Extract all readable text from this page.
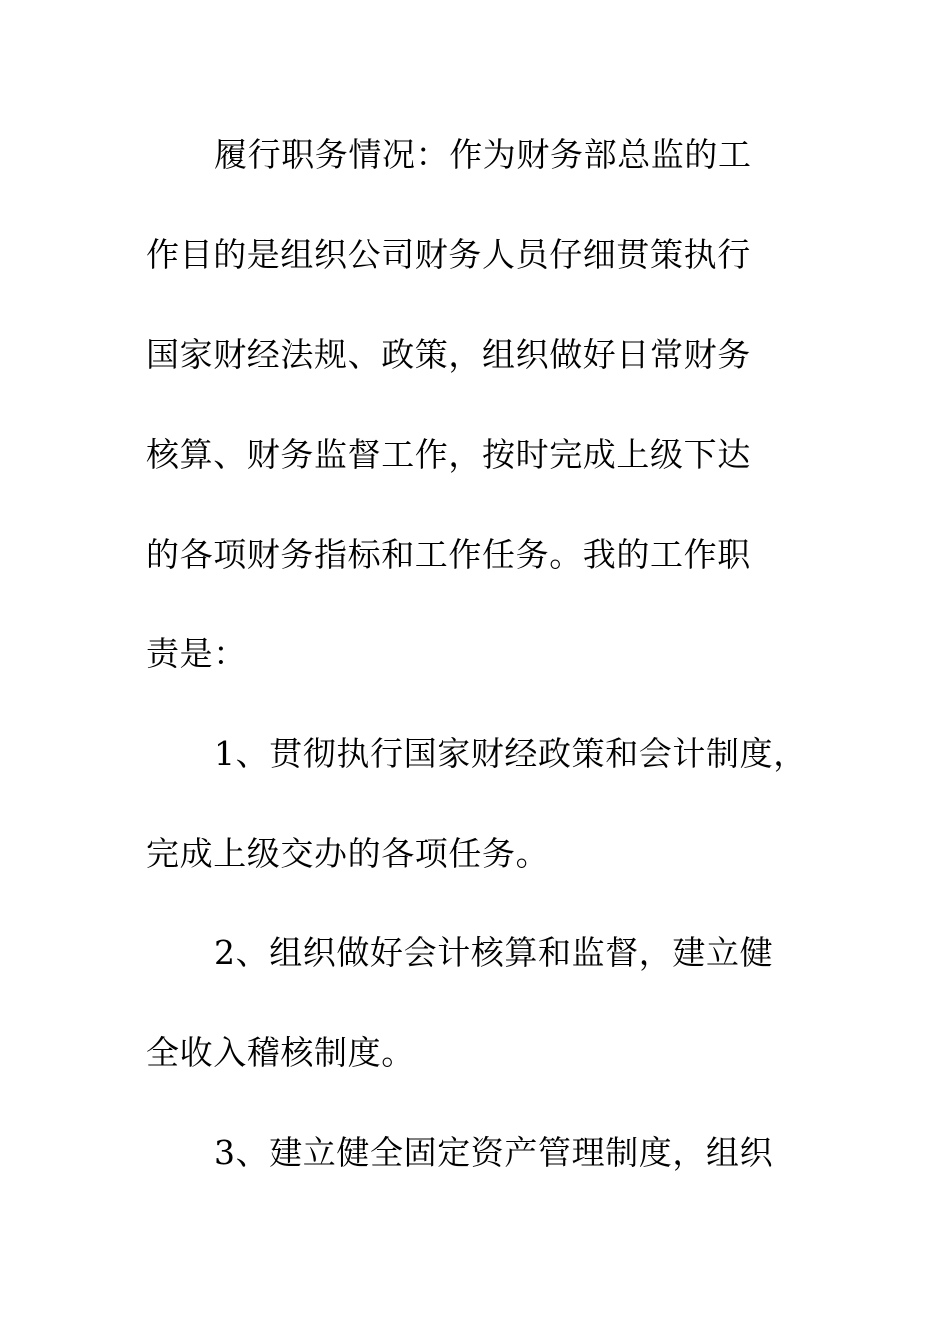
履行职务情况：作为财务部总监的工

作目的是组织公司财务人员仔细贯策执行

国家财经法规、政策，组织做好日常财务

核算、财务监督工作，按时完成上级下达

的各项财务指标和工作任务。我的工作职

责是：

1、贯彻执行国家财经政策和会计制度，

完成上级交办的各项任务。

2、组织做好会计核算和监督，建立健

全收入稽核制度。

3、建立健全固定资产管理制度，组织
